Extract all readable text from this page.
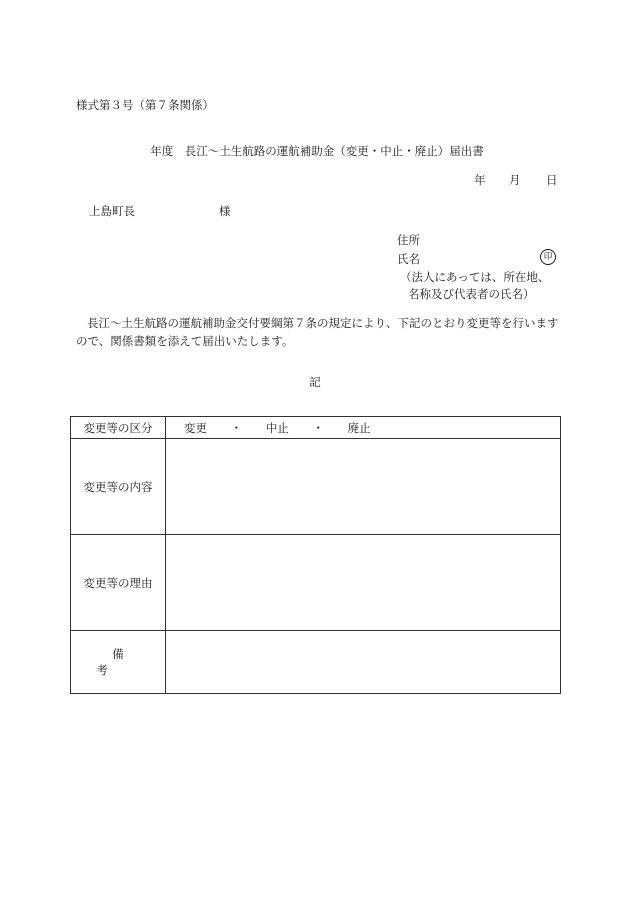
様式第３号（第７条関係）
年度　長江～土生航路の運航補助金（変更・中止・廃止）届出書
年 月 日
上島町長	様
住所
氏名	印
（法人にあっては、所在地、
名称及び代表者の氏名）
長江～土生航路の運航補助金交付要綱第７条の規定により、下記のとおり変更等を行いますので、関係書類を添えて届出いたします。
記
変更等の区分	変更 ・ 中止 ・ 廃止
変更等の内容	
変更等の理由	
備考	
